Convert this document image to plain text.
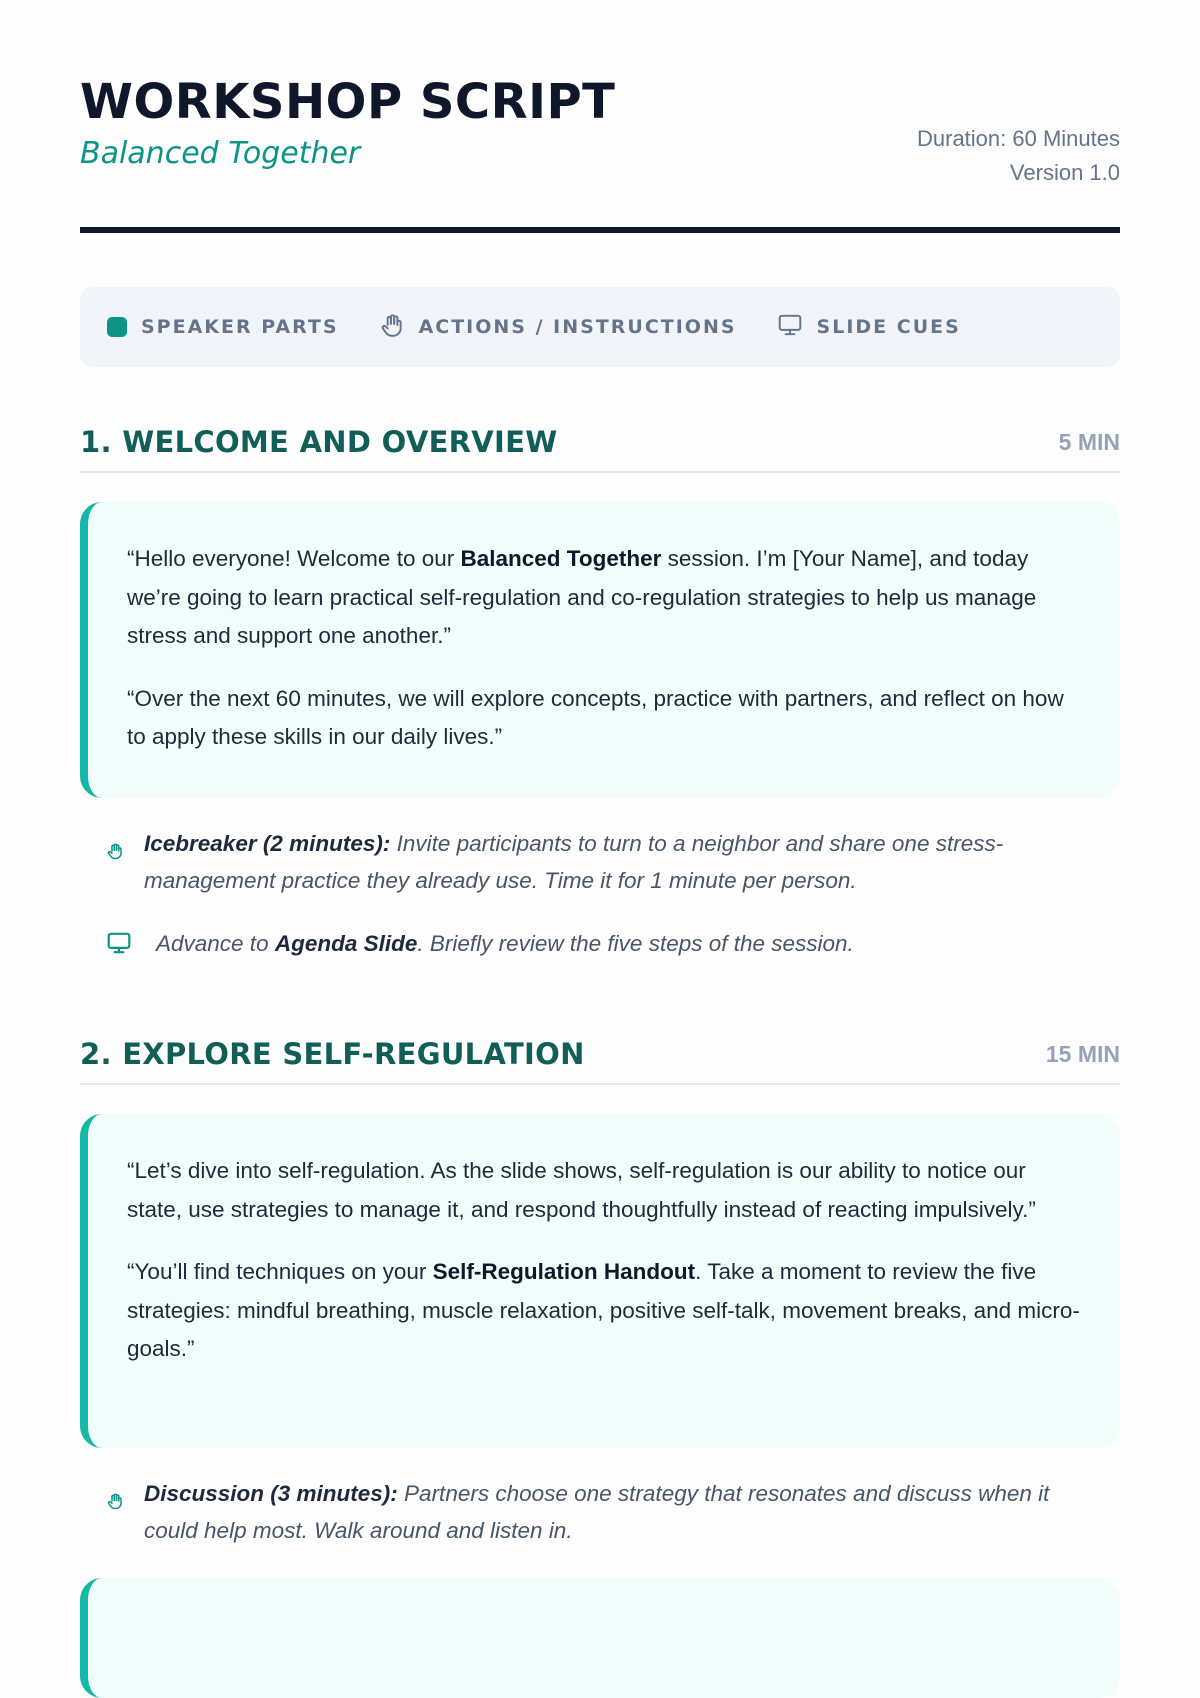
WORKSHOP SCRIPT
Balanced Together	Duration: 60 Minutes
Version 1.0
SPEAKER PARTS	ACTIONS / INSTRUCTIONS	SLIDE CUES
1. WELCOME AND OVERVIEW	5 MIN

“Hello everyone! Welcome to our Balanced Together session. I’m [Your Name], and today we’re going to learn practical self-regulation and co-regulation strategies to help us manage stress and support one another.”

“Over the next 60 minutes, we will explore concepts, practice with partners, and reflect on how to apply these skills in our daily lives.”

Icebreaker (2 minutes): Invite participants to turn to a neighbor and share one stress-management practice they already use. Time it for 1 minute per person.
Advance to Agenda Slide. Briefly review the five steps of the session.
2. EXPLORE SELF-REGULATION	15 MIN

“Let’s dive into self-regulation. As the slide shows, self-regulation is our ability to notice our state, use strategies to manage it, and respond thoughtfully instead of reacting impulsively.”

“You’ll find techniques on your Self-Regulation Handout. Take a moment to review the five strategies: mindful breathing, muscle relaxation, positive self-talk, movement breaks, and micro-goals.”

Discussion (3 minutes): Partners choose one strategy that resonates and discuss when it could help most. Walk around and listen in.
